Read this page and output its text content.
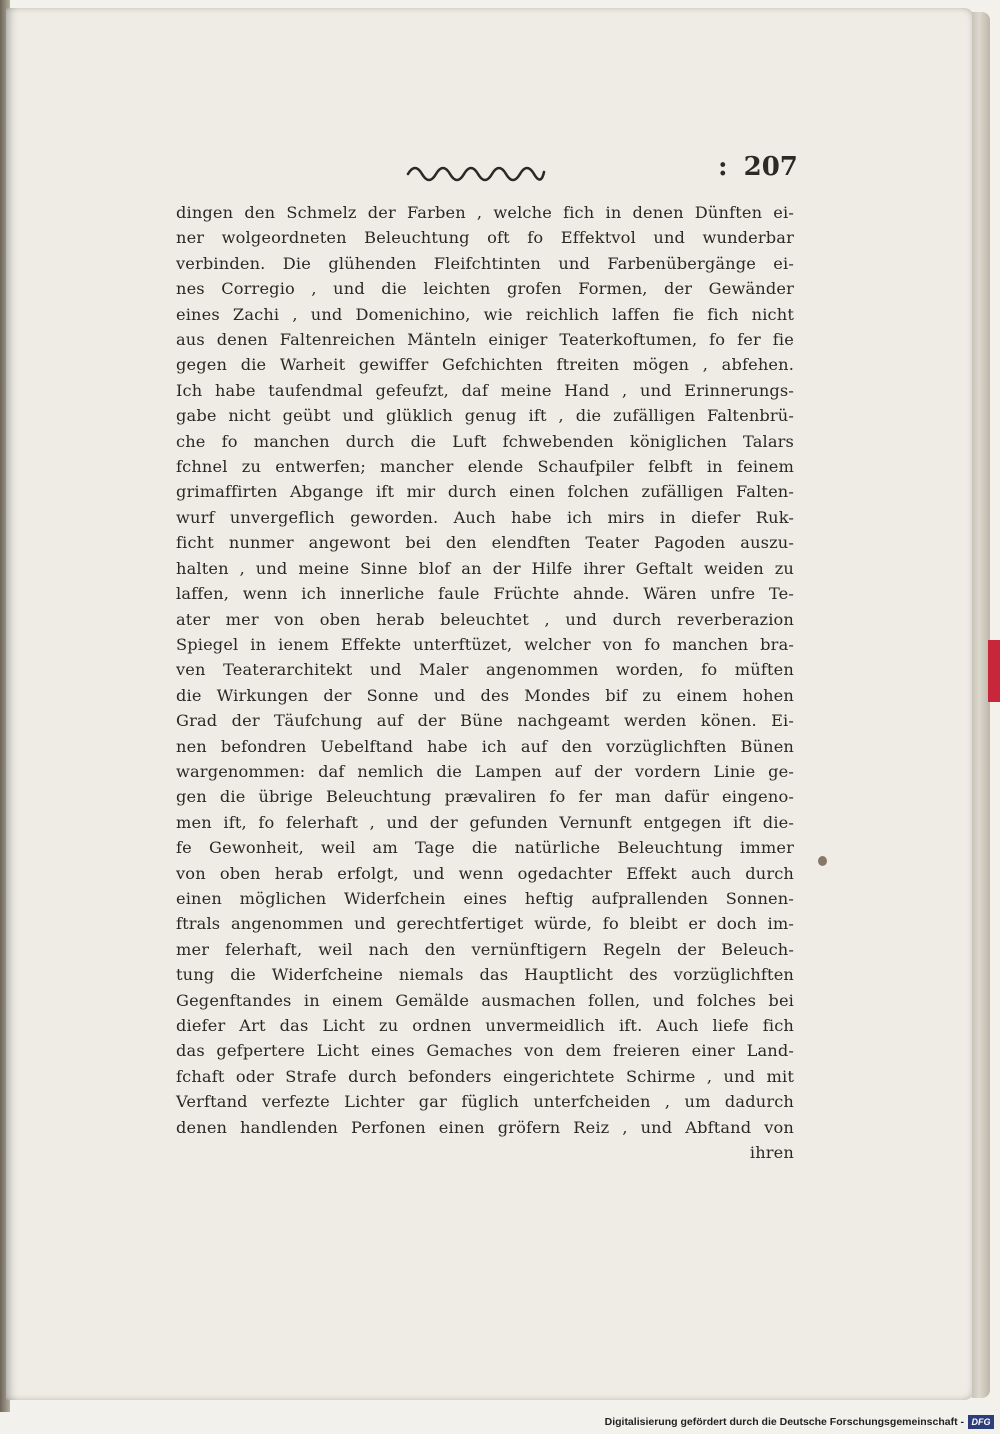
: 207
dingen den Schmelz der Farben , welche fich in denen Dünften ei-
ner wolgeordneten Beleuchtung oft fo Effektvol und wunderbar
verbinden. Die glühenden Fleifchtinten und Farbenübergänge ei-
nes Corregio , und die leichten grofen Formen, der Gewänder
eines Zachi , und Domenichino, wie reichlich laffen fie fich nicht
aus denen Faltenreichen Mänteln einiger Teaterkoftumen, fo fer fie
gegen die Warheit gewiffer Gefchichten ftreiten mögen , abfehen.
Ich habe taufendmal gefeufzt, daf meine Hand , und Erinnerungs-
gabe nicht geübt und glüklich genug ift , die zufälligen Faltenbrü-
che fo manchen durch die Luft fchwebenden königlichen Talars
fchnel zu entwerfen; mancher elende Schaufpiler felbft in feinem
grimaffirten Abgange ift mir durch einen folchen zufälligen Falten-
wurf unvergeflich geworden. Auch habe ich mirs in diefer Ruk-
ficht nunmer angewont bei den elendften Teater Pagoden auszu-
halten , und meine Sinne blof an der Hilfe ihrer Geftalt weiden zu
laffen, wenn ich innerliche faule Früchte ahnde. Wären unfre Te-
ater mer von oben herab beleuchtet , und durch reverberazion
Spiegel in ienem Effekte unterftüzet, welcher von fo manchen bra-
ven Teaterarchitekt und Maler angenommen worden, fo müften
die Wirkungen der Sonne und des Mondes bif zu einem hohen
Grad der Täufchung auf der Büne nachgeamt werden könen. Ei-
nen befondren Uebelftand habe ich auf den vorzüglichften Bünen
wargenommen: daf nemlich die Lampen auf der vordern Linie ge-
gen die übrige Beleuchtung prævaliren fo fer man dafür eingeno-
men ift, fo felerhaft , und der gefunden Vernunft entgegen ift die-
fe Gewonheit, weil am Tage die natürliche Beleuchtung immer
von oben herab erfolgt, und wenn ogedachter Effekt auch durch
einen möglichen Widerfchein eines heftig aufprallenden Sonnen-
ftrals angenommen und gerechtfertiget würde, fo bleibt er doch im-
mer felerhaft, weil nach den vernünftigern Regeln der Beleuch-
tung die Widerfcheine niemals das Hauptlicht des vorzüglichften
Gegenftandes in einem Gemälde ausmachen follen, und folches bei
diefer Art das Licht zu ordnen unvermeidlich ift. Auch liefe fich
das gefpertere Licht eines Gemaches von dem freieren einer Land-
fchaft oder Strafe durch befonders eingerichtete Schirme , und mit
Verftand verfezte Lichter gar füglich unterfcheiden , um dadurch
denen handlenden Perfonen einen gröfern Reiz , und Abftand von
ihren
Digitalisierung gefördert durch die Deutsche Forschungsgemeinschaft - DFG
